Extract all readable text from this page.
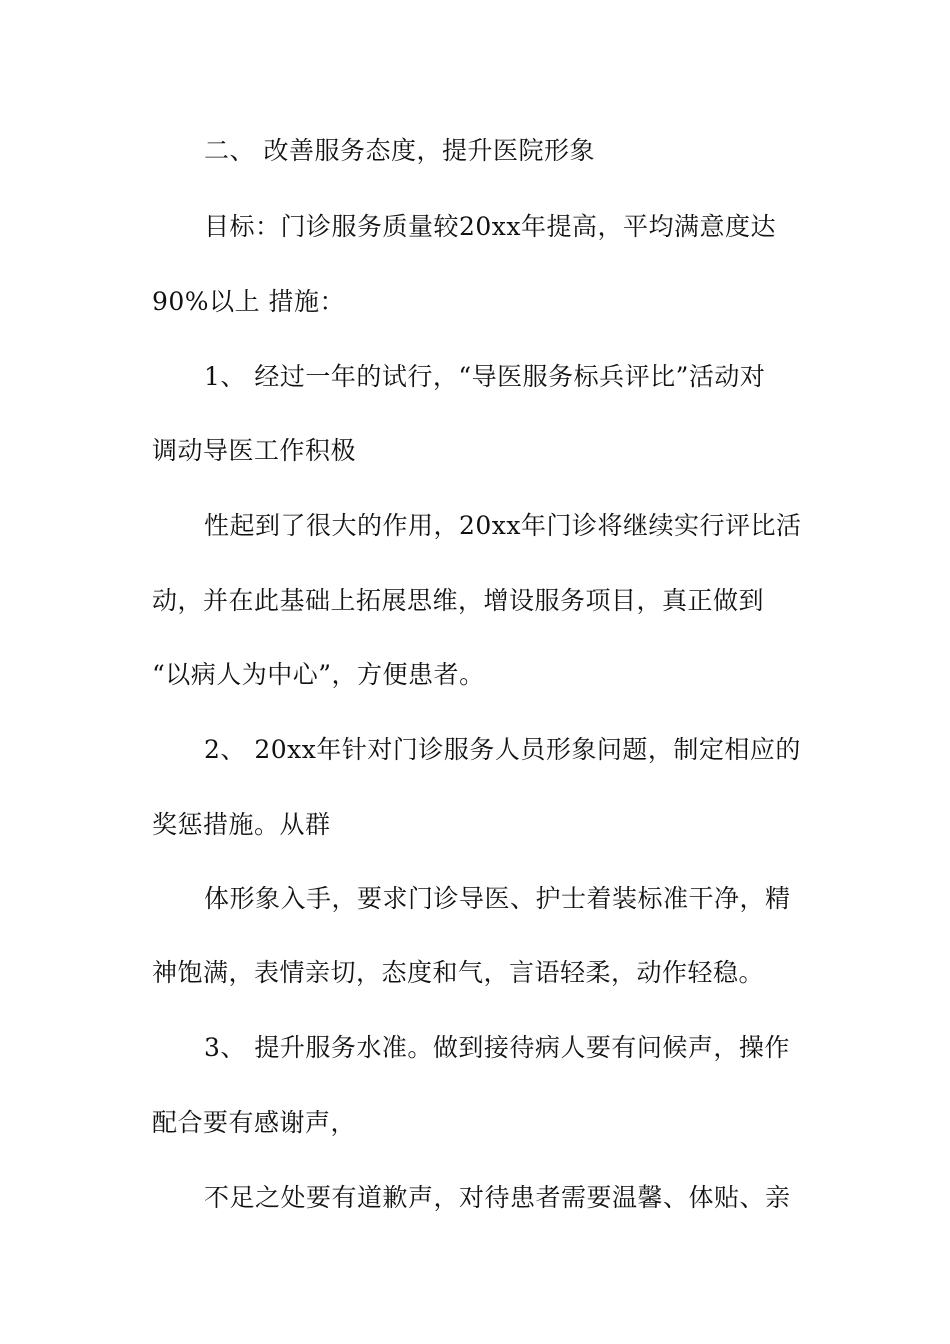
二、 改善服务态度，提升医院形象
目标：门诊服务质量较20xx年提高，平均满意度达
90%以上 措施：
1、 经过一年的试行，“导医服务标兵评比”活动对
调动导医工作积极
性起到了很大的作用，20xx年门诊将继续实行评比活
动，并在此基础上拓展思维，增设服务项目，真正做到
“以病人为中心”，方便患者。
2、 20xx年针对门诊服务人员形象问题，制定相应的
奖惩措施。从群
体形象入手，要求门诊导医、护士着装标准干净，精
神饱满，表情亲切，态度和气，言语轻柔，动作轻稳。
3、 提升服务水准。做到接待病人要有问候声，操作
配合要有感谢声，
不足之处要有道歉声，对待患者需要温馨、体贴、亲
